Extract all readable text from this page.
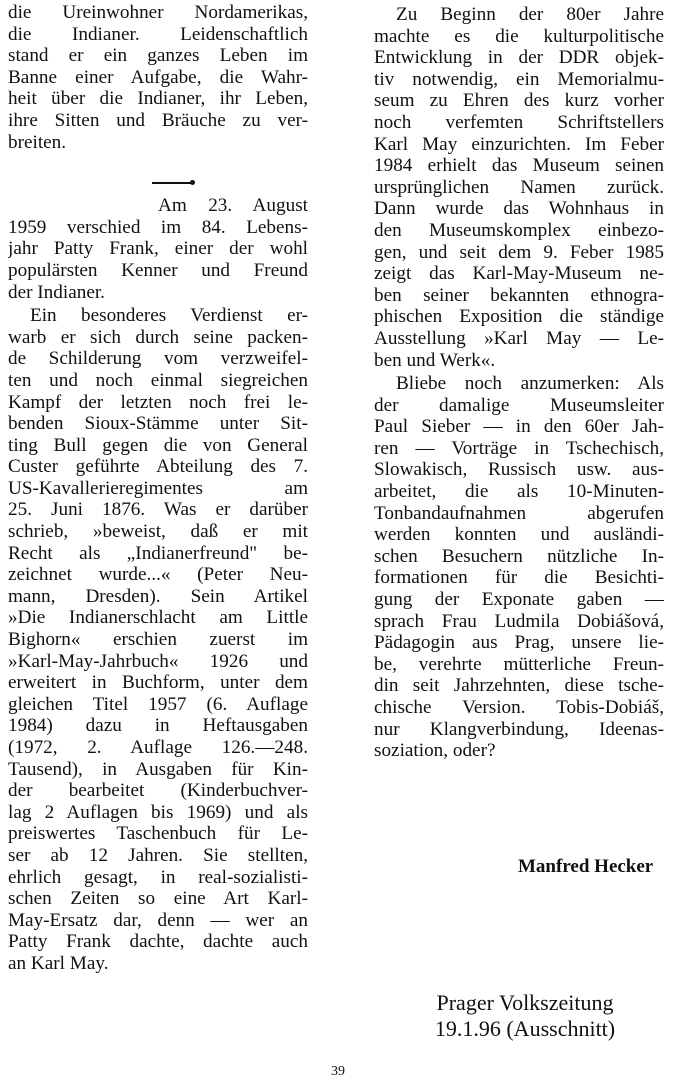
die Ureinwohner Nordamerikas,
die Indianer. Leidenschaftlich
stand er ein ganzes Leben im
Banne einer Aufgabe, die Wahr-
heit über die Indianer, ihr Leben,
ihre Sitten und Bräuche zu ver-
breiten.
Am 23. August
1959 verschied im 84. Lebens-
jahr Patty Frank, einer der wohl
populärsten Kenner und Freund
der Indianer.
Ein besonderes Verdienst er-
warb er sich durch seine packen-
de Schilderung vom verzweifel-
ten und noch einmal siegreichen
Kampf der letzten noch frei le-
benden Sioux-Stämme unter Sit-
ting Bull gegen die von General
Custer geführte Abteilung des 7.
US-Kavallerieregimentes am
25. Juni 1876. Was er darüber
schrieb, »beweist, daß er mit
Recht als „Indianerfreund" be-
zeichnet wurde...« (Peter Neu-
mann, Dresden). Sein Artikel
»Die Indianerschlacht am Little
Bighorn« erschien zuerst im
»Karl-May-Jahrbuch« 1926 und
erweitert in Buchform, unter dem
gleichen Titel 1957 (6. Auflage
1984) dazu in Heftausgaben
(1972, 2. Auflage 126.—248.
Tausend), in Ausgaben für Kin-
der bearbeitet (Kinderbuchver-
lag 2 Auflagen bis 1969) und als
preiswertes Taschenbuch für Le-
ser ab 12 Jahren. Sie stellten,
ehrlich gesagt, in real-sozialisti-
schen Zeiten so eine Art Karl-
May-Ersatz dar, denn — wer an
Patty Frank dachte, dachte auch
an Karl May.
Zu Beginn der 80er Jahre
machte es die kulturpolitische
Entwicklung in der DDR objek-
tiv notwendig, ein Memorialmu-
seum zu Ehren des kurz vorher
noch verfemten Schriftstellers
Karl May einzurichten. Im Feber
1984 erhielt das Museum seinen
ursprünglichen Namen zurück.
Dann wurde das Wohnhaus in
den Museumskomplex einbezo-
gen, und seit dem 9. Feber 1985
zeigt das Karl-May-Museum ne-
ben seiner bekannten ethnogra-
phischen Exposition die ständige
Ausstellung »Karl May — Le-
ben und Werk«.
Bliebe noch anzumerken: Als
der damalige Museumsleiter
Paul Sieber — in den 60er Jah-
ren — Vorträge in Tschechisch,
Slowakisch, Russisch usw. aus-
arbeitet, die als 10-Minuten-
Tonbandaufnahmen abgerufen
werden konnten und ausländi-
schen Besuchern nützliche In-
formationen für die Besichti-
gung der Exponate gaben —
sprach Frau Ludmila Dobiášová,
Pädagogin aus Prag, unsere lie-
be, verehrte mütterliche Freun-
din seit Jahrzehnten, diese tsche-
chische Version. Tobis-Dobiáš,
nur Klangverbindung, Ideenas-
soziation, oder?
Manfred Hecker
Prager Volkszeitung
19.1.96 (Ausschnitt)
39
